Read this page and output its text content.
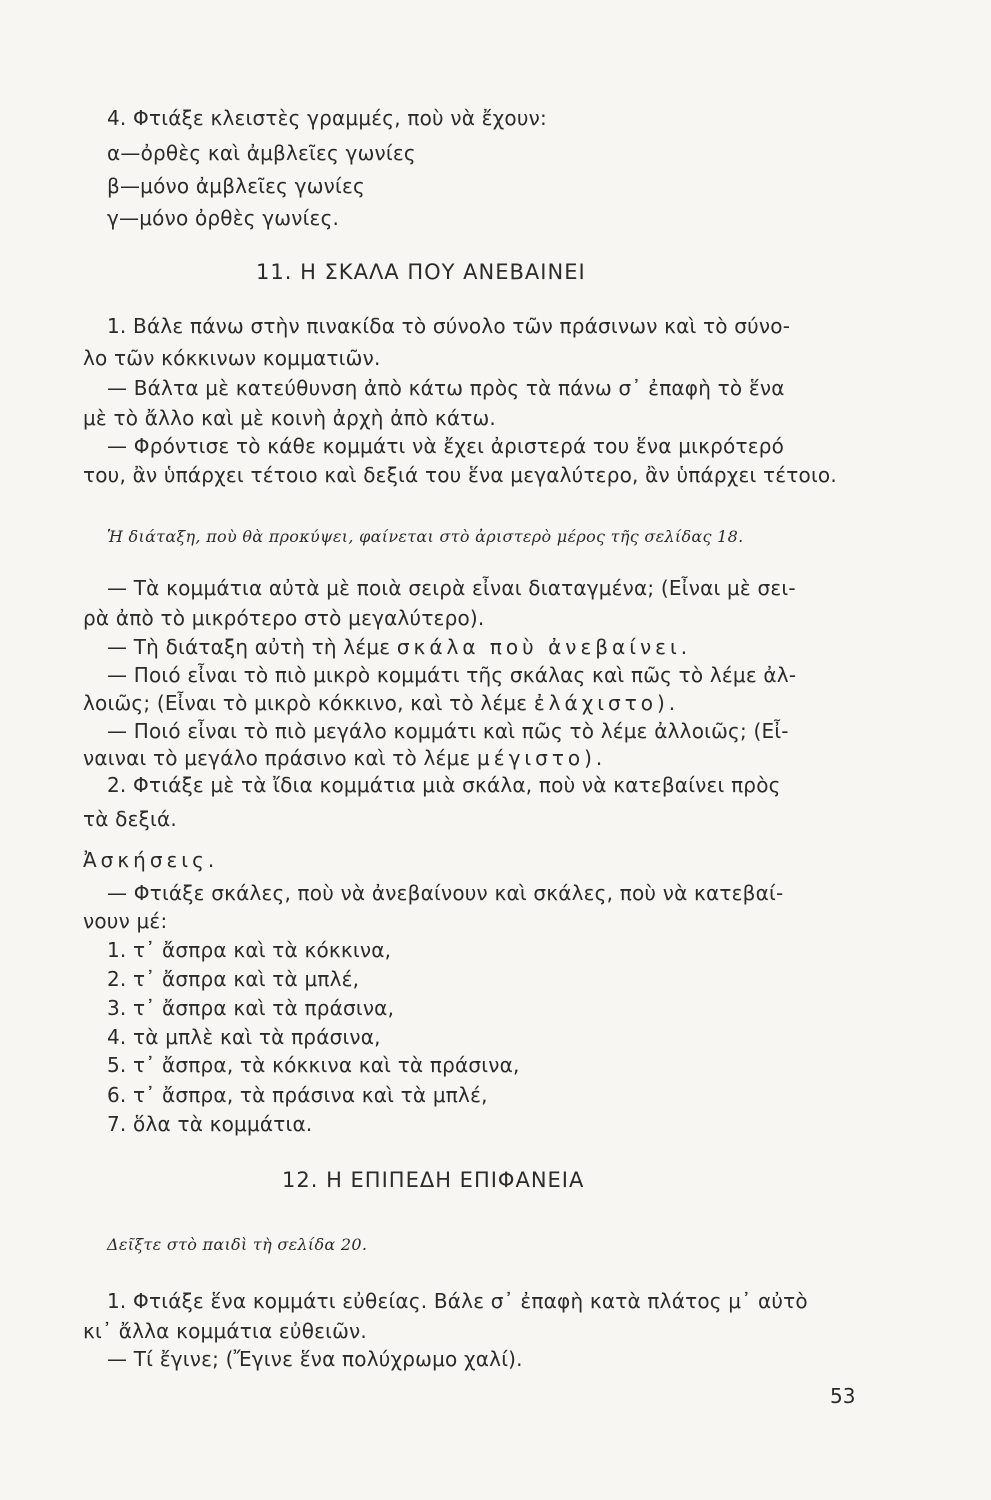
4. Φτιάξε κλειστὲς γραμμές, ποὺ νὰ ἔχουν:
α—ὀρθὲς καὶ ἀμβλεῖες γωνίες
β—μόνο ἀμβλεῖες γωνίες
γ—μόνο ὀρθὲς γωνίες.
11. Η ΣΚΑΛΑ ΠΟΥ ΑΝΕΒΑΙΝΕΙ
1. Βάλε πάνω στὴν πινακίδα τὸ σύνολο τῶν πράσινων καὶ τὸ σύνο-
λο τῶν κόκκινων κομματιῶν.
— Βάλτα μὲ κατεύθυνση ἀπὸ κάτω πρὸς τὰ πάνω σ᾽ ἐπαφὴ τὸ ἕνα
μὲ τὸ ἄλλο καὶ μὲ κοινὴ ἀρχὴ ἀπὸ κάτω.
— Φρόντισε τὸ κάθε κομμάτι νὰ ἔχει ἀριστερά του ἕνα μικρότερό
του, ἂν ὑπάρχει τέτοιο καὶ δεξιά του ἕνα μεγαλύτερο, ἂν ὑπάρχει τέτοιο.
Ἡ διάταξη, ποὺ θὰ προκύψει, φαίνεται στὸ ἀριστερὸ μέρος τῆς σελίδας 18.
— Τὰ κομμάτια αὐτὰ μὲ ποιὰ σειρὰ εἶναι διαταγμένα; (Εἶναι μὲ σει-
ρὰ ἀπὸ τὸ μικρότερο στὸ μεγαλύτερο).
— Τὴ διάταξη αὐτὴ τὴ λέμε σκάλα ποὺ ἀνεβαίνει.
— Ποιό εἶναι τὸ πιὸ μικρὸ κομμάτι τῆς σκάλας καὶ πῶς τὸ λέμε ἀλ-
λοιῶς; (Εἶναι τὸ μικρὸ κόκκινο, καὶ τὸ λέμε ἐλάχιστο).
— Ποιό εἶναι τὸ πιὸ μεγάλο κομμάτι καὶ πῶς τὸ λέμε ἀλλοιῶς; (Εἶ-
ναιναι τὸ μεγάλο πράσινο καὶ τὸ λέμε μέγιστο).
2. Φτιάξε μὲ τὰ ἴδια κομμάτια μιὰ σκάλα, ποὺ νὰ κατεβαίνει πρὸς
τὰ δεξιά.
Ἀσκήσεις.
— Φτιάξε σκάλες, ποὺ νὰ ἀνεβαίνουν καὶ σκάλες, ποὺ νὰ κατεβαί-
νουν μέ:
1. τ᾽ ἄσπρα καὶ τὰ κόκκινα,
2. τ᾽ ἄσπρα καὶ τὰ μπλέ,
3. τ᾽ ἄσπρα καὶ τὰ πράσινα,
4. τὰ μπλὲ καὶ τὰ πράσινα,
5. τ᾽ ἄσπρα, τὰ κόκκινα καὶ τὰ πράσινα,
6. τ᾽ ἄσπρα, τὰ πράσινα καὶ τὰ μπλέ,
7. ὅλα τὰ κομμάτια.
12. Η ΕΠΙΠΕΔΗ ΕΠΙΦΑΝΕΙΑ
Δεῖξτε στὸ παιδὶ τὴ σελίδα 20.
1. Φτιάξε ἕνα κομμάτι εὐθείας. Βάλε σ᾽ ἐπαφὴ κατὰ πλάτος μ᾽ αὐτὸ
κι᾽ ἄλλα κομμάτια εὐθειῶν.
— Τί ἔγινε; (Ἔγινε ἕνα πολύχρωμο χαλί).
53
